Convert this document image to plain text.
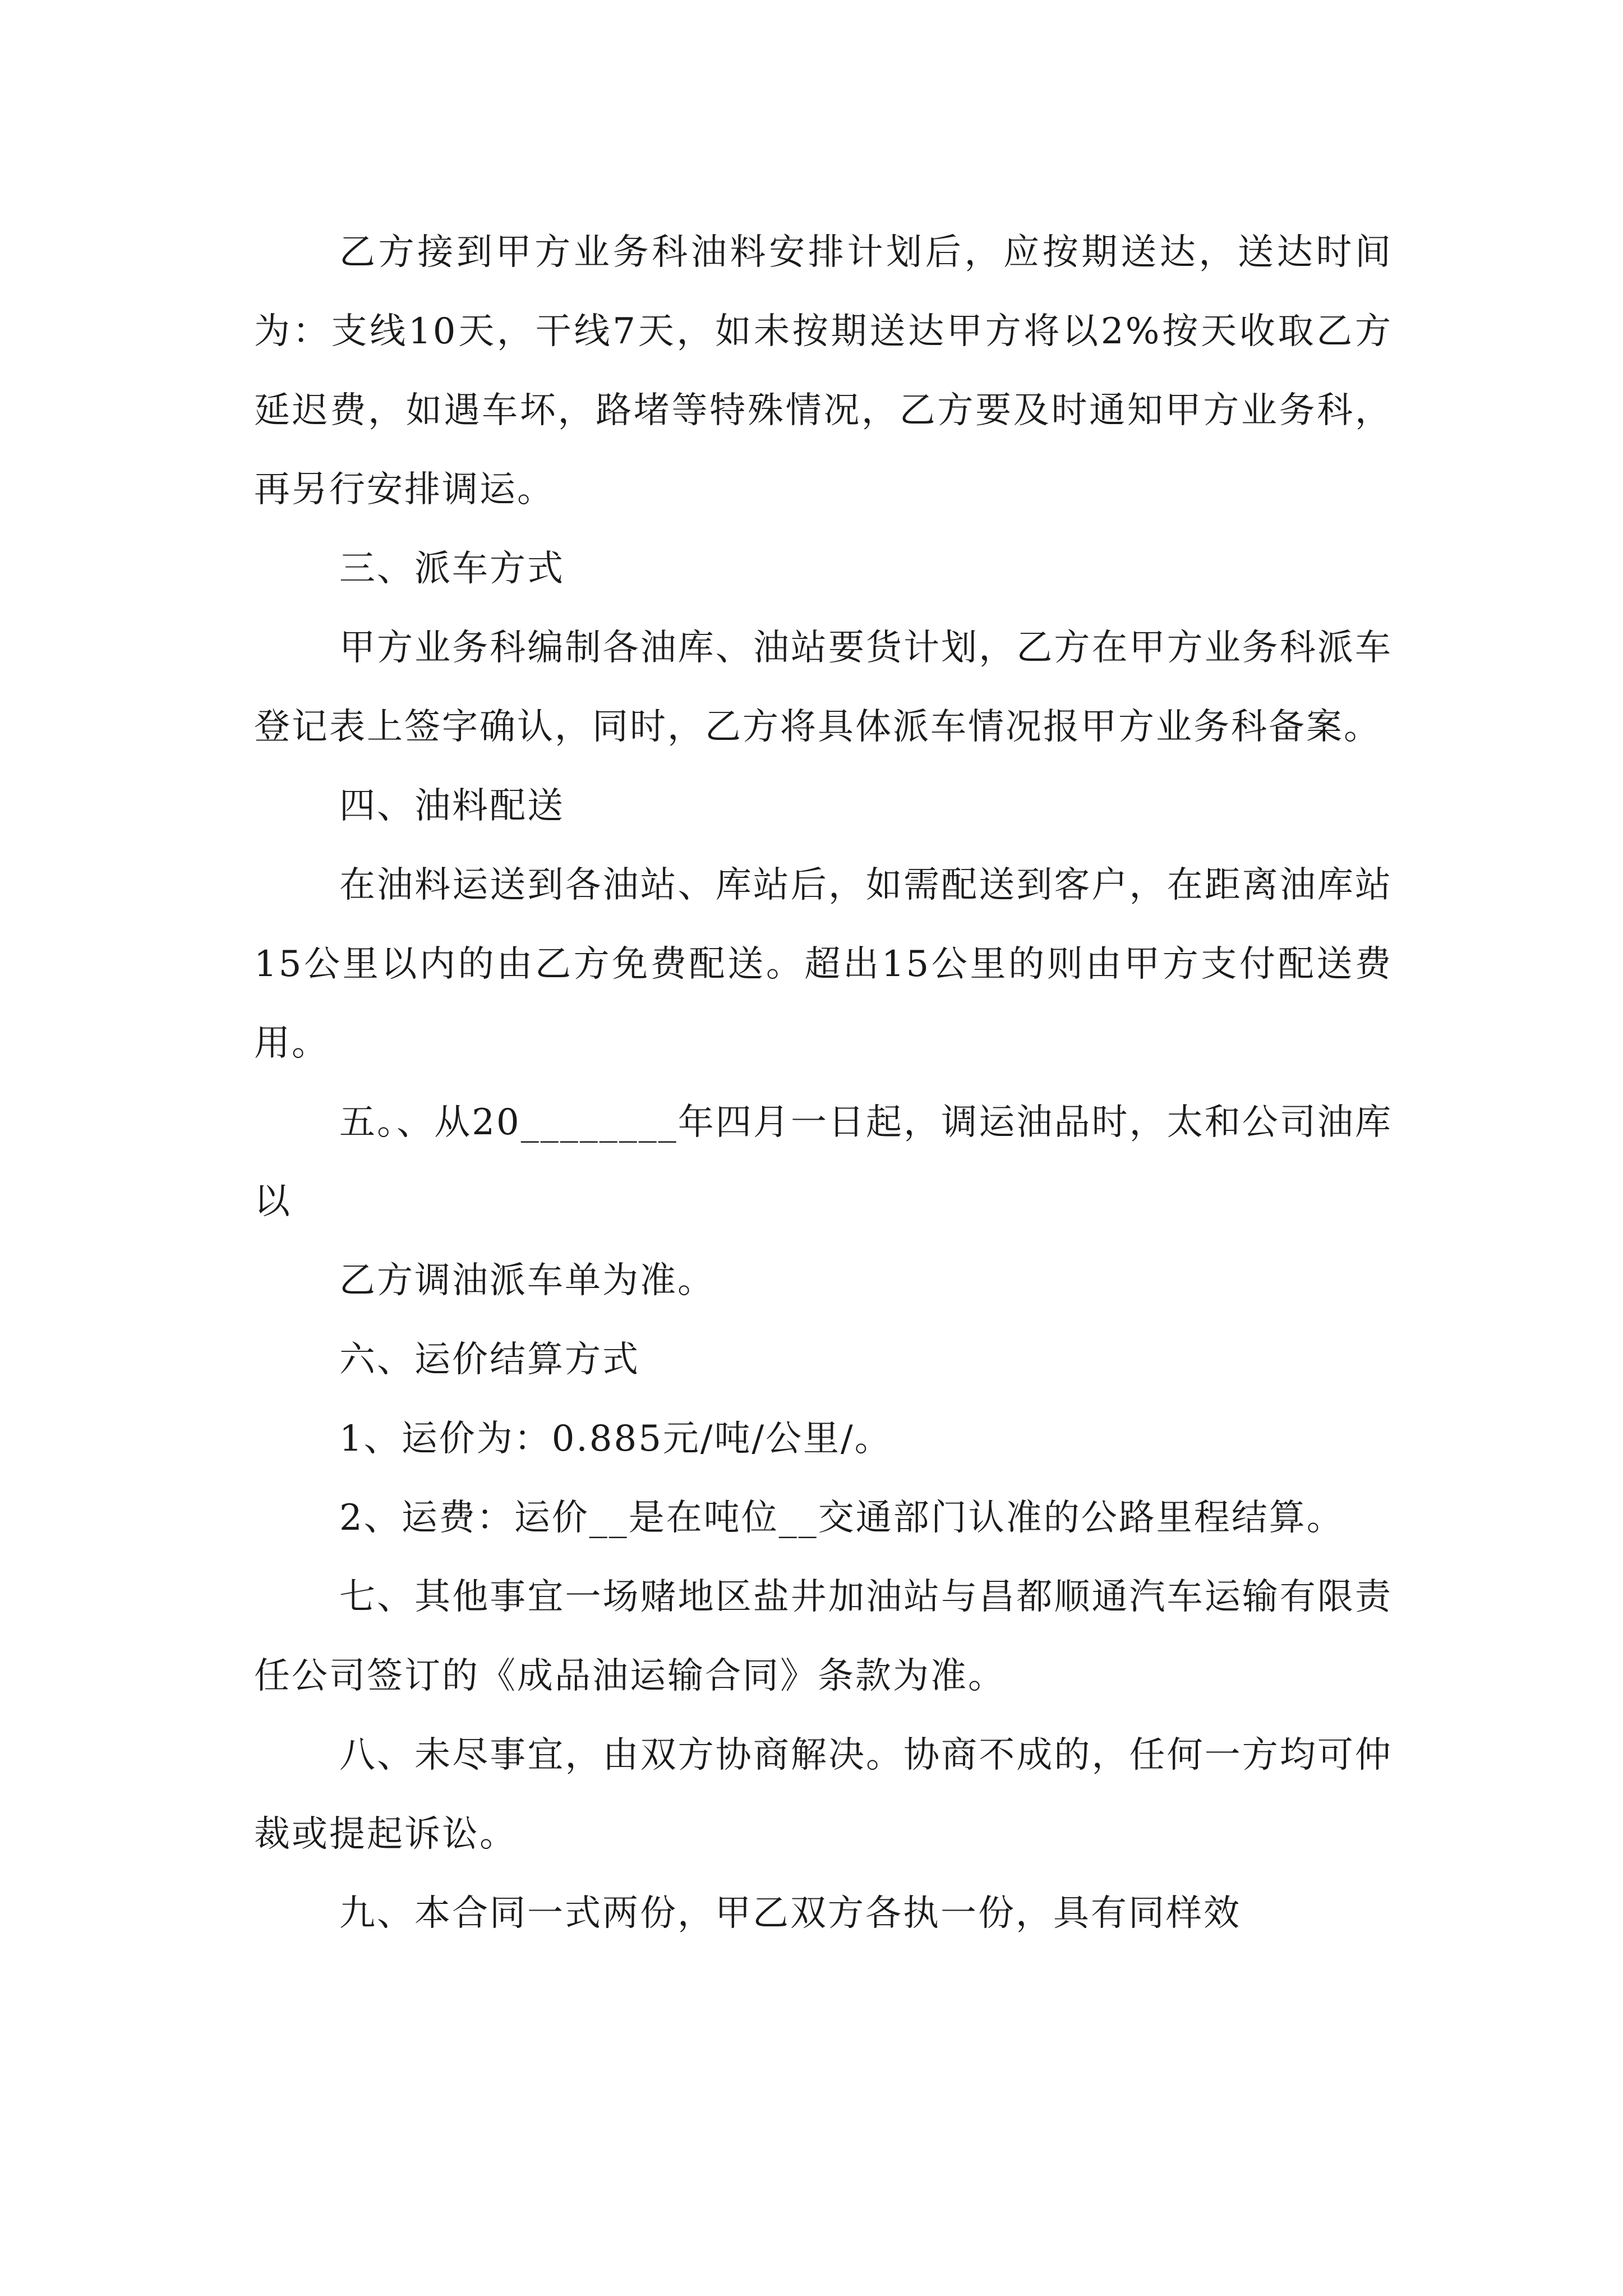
乙方接到甲方业务科油料安排计划后，应按期送达，送达时间为：支线10天，干线7天，如未按期送达甲方将以2%按天收取乙方延迟费，如遇车坏，路堵等特殊情况，乙方要及时通知甲方业务科，再另行安排调运。

三、派车方式

甲方业务科编制各油库、油站要货计划，乙方在甲方业务科派车登记表上签字确认，同时，乙方将具体派车情况报甲方业务科备案。

四、油料配送

在油料运送到各油站、库站后，如需配送到客户，在距离油库站15公里以内的由乙方免费配送。超出15公里的则由甲方支付配送费用。

五。、从20________年四月一日起，调运油品时，太和公司油库以

乙方调油派车单为准。

六、运价结算方式

1、运价为：0.885元/吨/公里/。

2、运费：运价__是在吨位__交通部门认准的公路里程结算。

七、其他事宜一场赌地区盐井加油站与昌都顺通汽车运输有限责任公司签订的《成品油运输合同》条款为准。

八、未尽事宜，由双方协商解决。协商不成的，任何一方均可仲裁或提起诉讼。

九、本合同一式两份，甲乙双方各执一份，具有同样效
